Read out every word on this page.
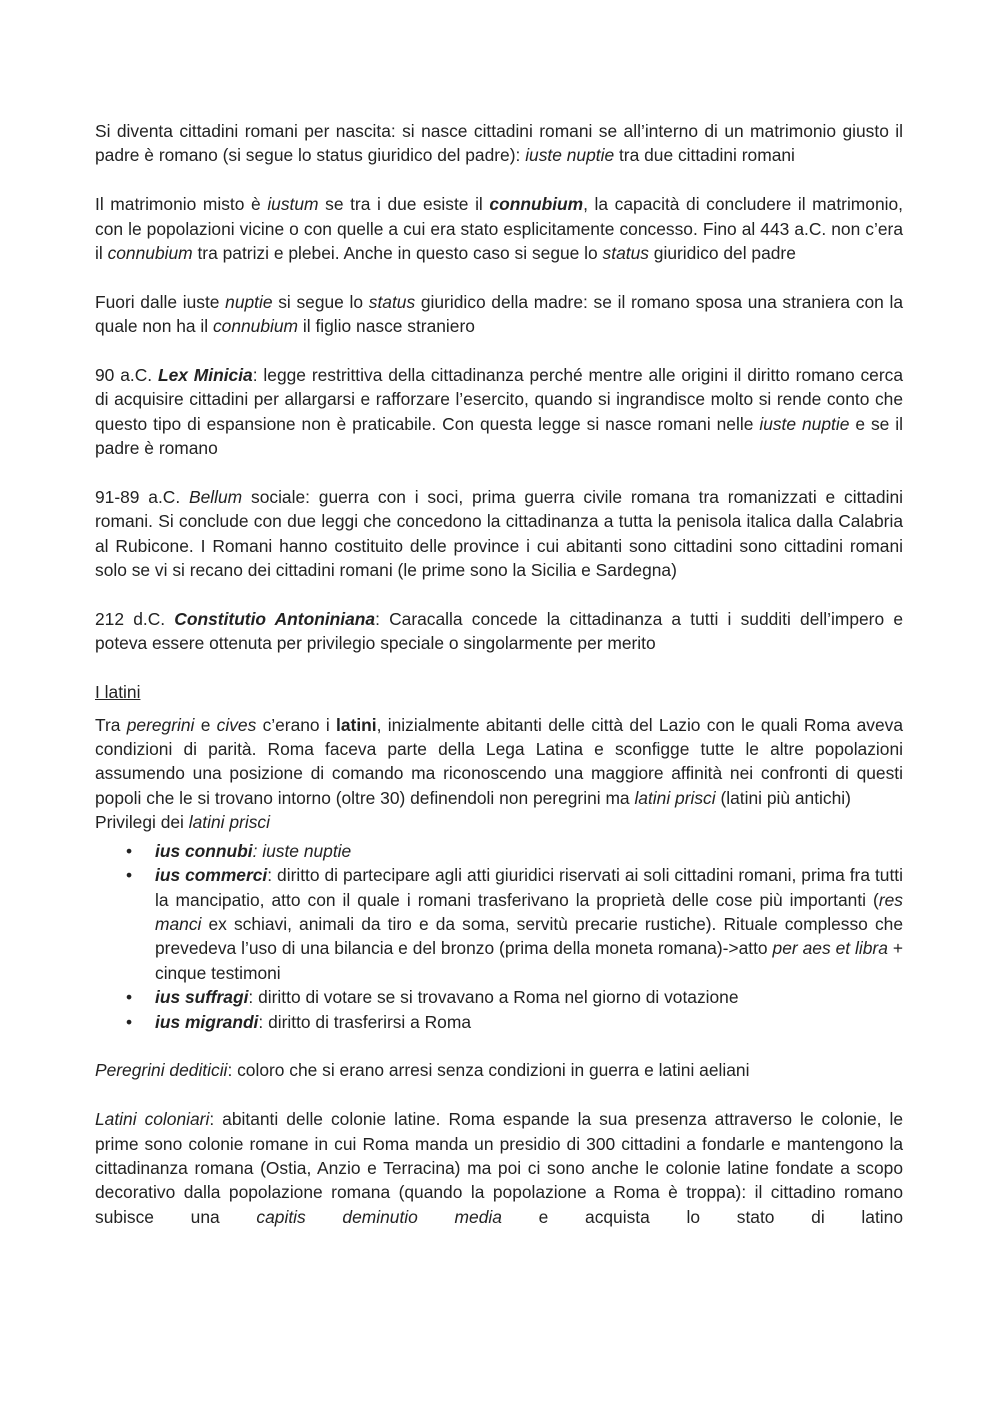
Si diventa cittadini romani per nascita: si nasce cittadini romani se all’interno di un matrimonio giusto il padre è romano (si segue lo status giuridico del padre): iuste nuptie tra due cittadini romani

Il matrimonio misto è iustum se tra i due esiste il connubium, la capacità di concludere il matrimonio, con le popolazioni vicine o con quelle a cui era stato esplicitamente concesso. Fino al 443 a.C. non c’era il connubium tra patrizi e plebei. Anche in questo caso si segue lo status giuridico del padre

Fuori dalle iuste nuptie si segue lo status giuridico della madre: se il romano sposa una straniera con la quale non ha il connubium il figlio nasce straniero

90 a.C. Lex Minicia: legge restrittiva della cittadinanza perché mentre alle origini il diritto romano cerca di acquisire cittadini per allargarsi e rafforzare l’esercito, quando si ingrandisce molto si rende conto che questo tipo di espansione non è praticabile. Con questa legge si nasce romani nelle iuste nuptie e se il padre è romano

91-89 a.C. Bellum sociale: guerra con i soci, prima guerra civile romana tra romanizzati e cittadini romani. Si conclude con due leggi che concedono la cittadinanza a tutta la penisola italica dalla Calabria al Rubicone. I Romani hanno costituito delle province i cui abitanti sono cittadini sono cittadini romani solo se vi si recano dei cittadini romani (le prime sono la Sicilia e Sardegna)

212 d.C. Constitutio Antoniniana: Caracalla concede la cittadinanza a tutti i sudditi dell’impero e poteva essere ottenuta per privilegio speciale o singolarmente per merito

I latini

Tra peregrini e cives c’erano i latini, inizialmente abitanti delle città del Lazio con le quali Roma aveva condizioni di parità. Roma faceva parte della Lega Latina e sconfigge tutte le altre popolazioni assumendo una posizione di comando ma riconoscendo una maggiore affinità nei confronti di questi popoli che le si trovano intorno (oltre 30) definendoli non peregrini ma latini prisci (latini più antichi)

Privilegi dei latini prisci
•	ius connubi: iuste nuptie
•	ius commerci: diritto di partecipare agli atti giuridici riservati ai soli cittadini romani, prima fra tutti la mancipatio, atto con il quale i romani trasferivano la proprietà delle cose più importanti (res manci ex schiavi, animali da tiro e da soma, servitù precarie rustiche). Rituale complesso che prevedeva l’uso di una bilancia e del bronzo (prima della moneta romana)->atto per aes et libra + cinque testimoni
•	ius suffragi: diritto di votare se si trovavano a Roma nel giorno di votazione
•	ius migrandi: diritto di trasferirsi a Roma

Peregrini dediticii: coloro che si erano arresi senza condizioni in guerra e latini aeliani

Latini coloniari: abitanti delle colonie latine. Roma espande la sua presenza attraverso le colonie, le prime sono colonie romane in cui Roma manda un presidio di 300 cittadini a fondarle e mantengono la cittadinanza romana (Ostia, Anzio e Terracina) ma poi ci sono anche le colonie latine fondate a scopo decorativo dalla popolazione romana (quando la popolazione a Roma è troppa): il cittadino romano subisce una capitis deminutio media e acquista lo stato di latino
